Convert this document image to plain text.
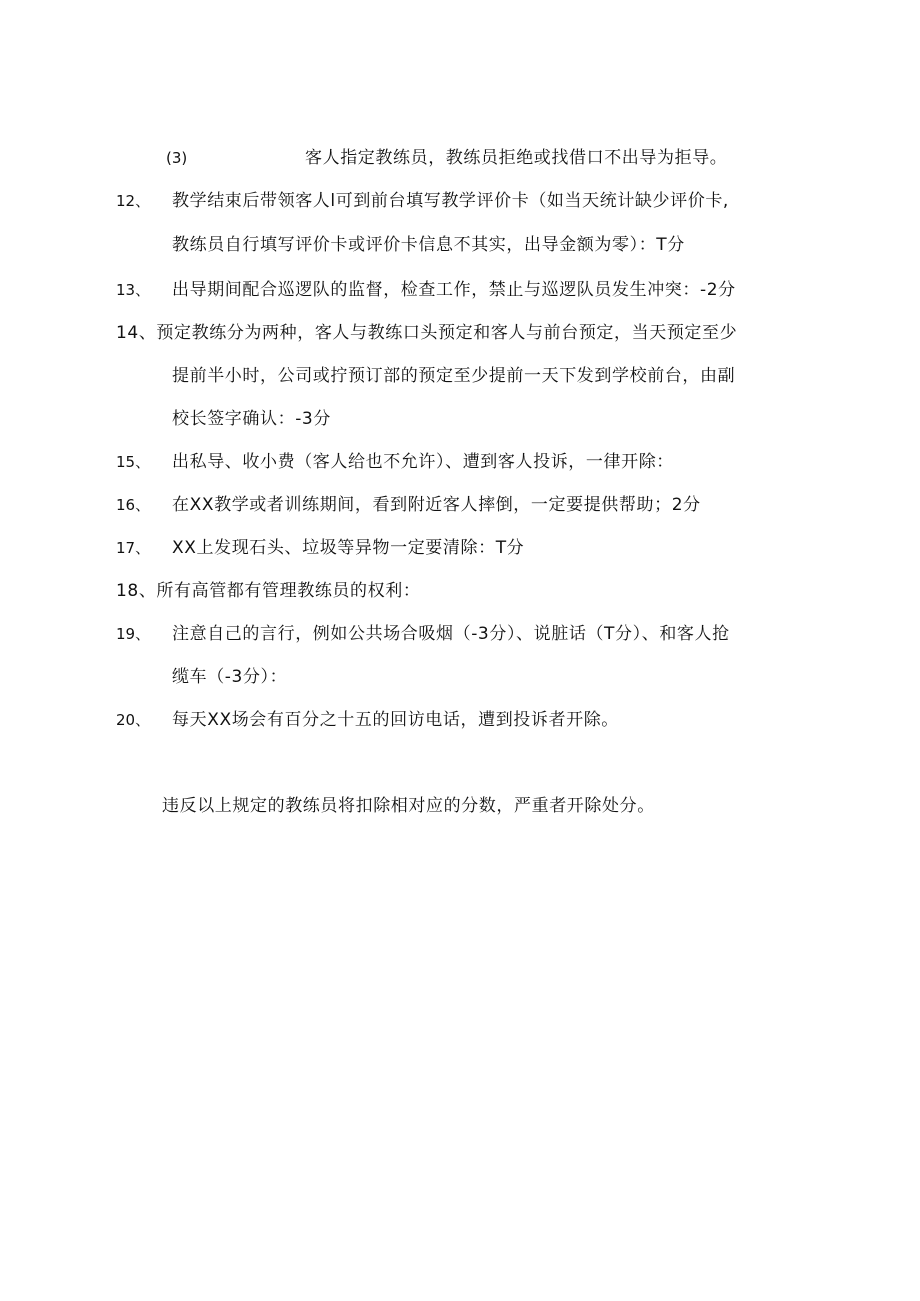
(3)	客人指定教练员，教练员拒绝或找借口不出导为拒导。
12、 教学结束后带领客人l可到前台填写教学评价卡（如当天统计缺少评价卡,
教练员自行填写评价卡或评价卡信息不其实，出导金额为零）：T分
13、 出导期间配合巡逻队的监督，检查工作，禁止与巡逻队员发生冲突：-2分
14、预定教练分为两种，客人与教练口头预定和客人与前台预定，当天预定至少
提前半小时，公司或拧预订部的预定至少提前一天下发到学校前台，由副
校长签字确认：-3分
15、 出私导、收小费（客人给也不允许）、遭到客人投诉，一律开除：
16、 在XX教学或者训练期间，看到附近客人摔倒，一定要提供帮助；2分
17、 XX上发现石头、垃圾等异物一定要清除：T分
18、所有高管都有管理教练员的权利：
19、 注意自己的言行，例如公共场合吸烟（-3分）、说脏话（T分）、和客人抢
缆车（-3分）：
20、 每天XX场会有百分之十五的回访电话，遭到投诉者开除。
违反以上规定的教练员将扣除相对应的分数，严重者开除处分。
